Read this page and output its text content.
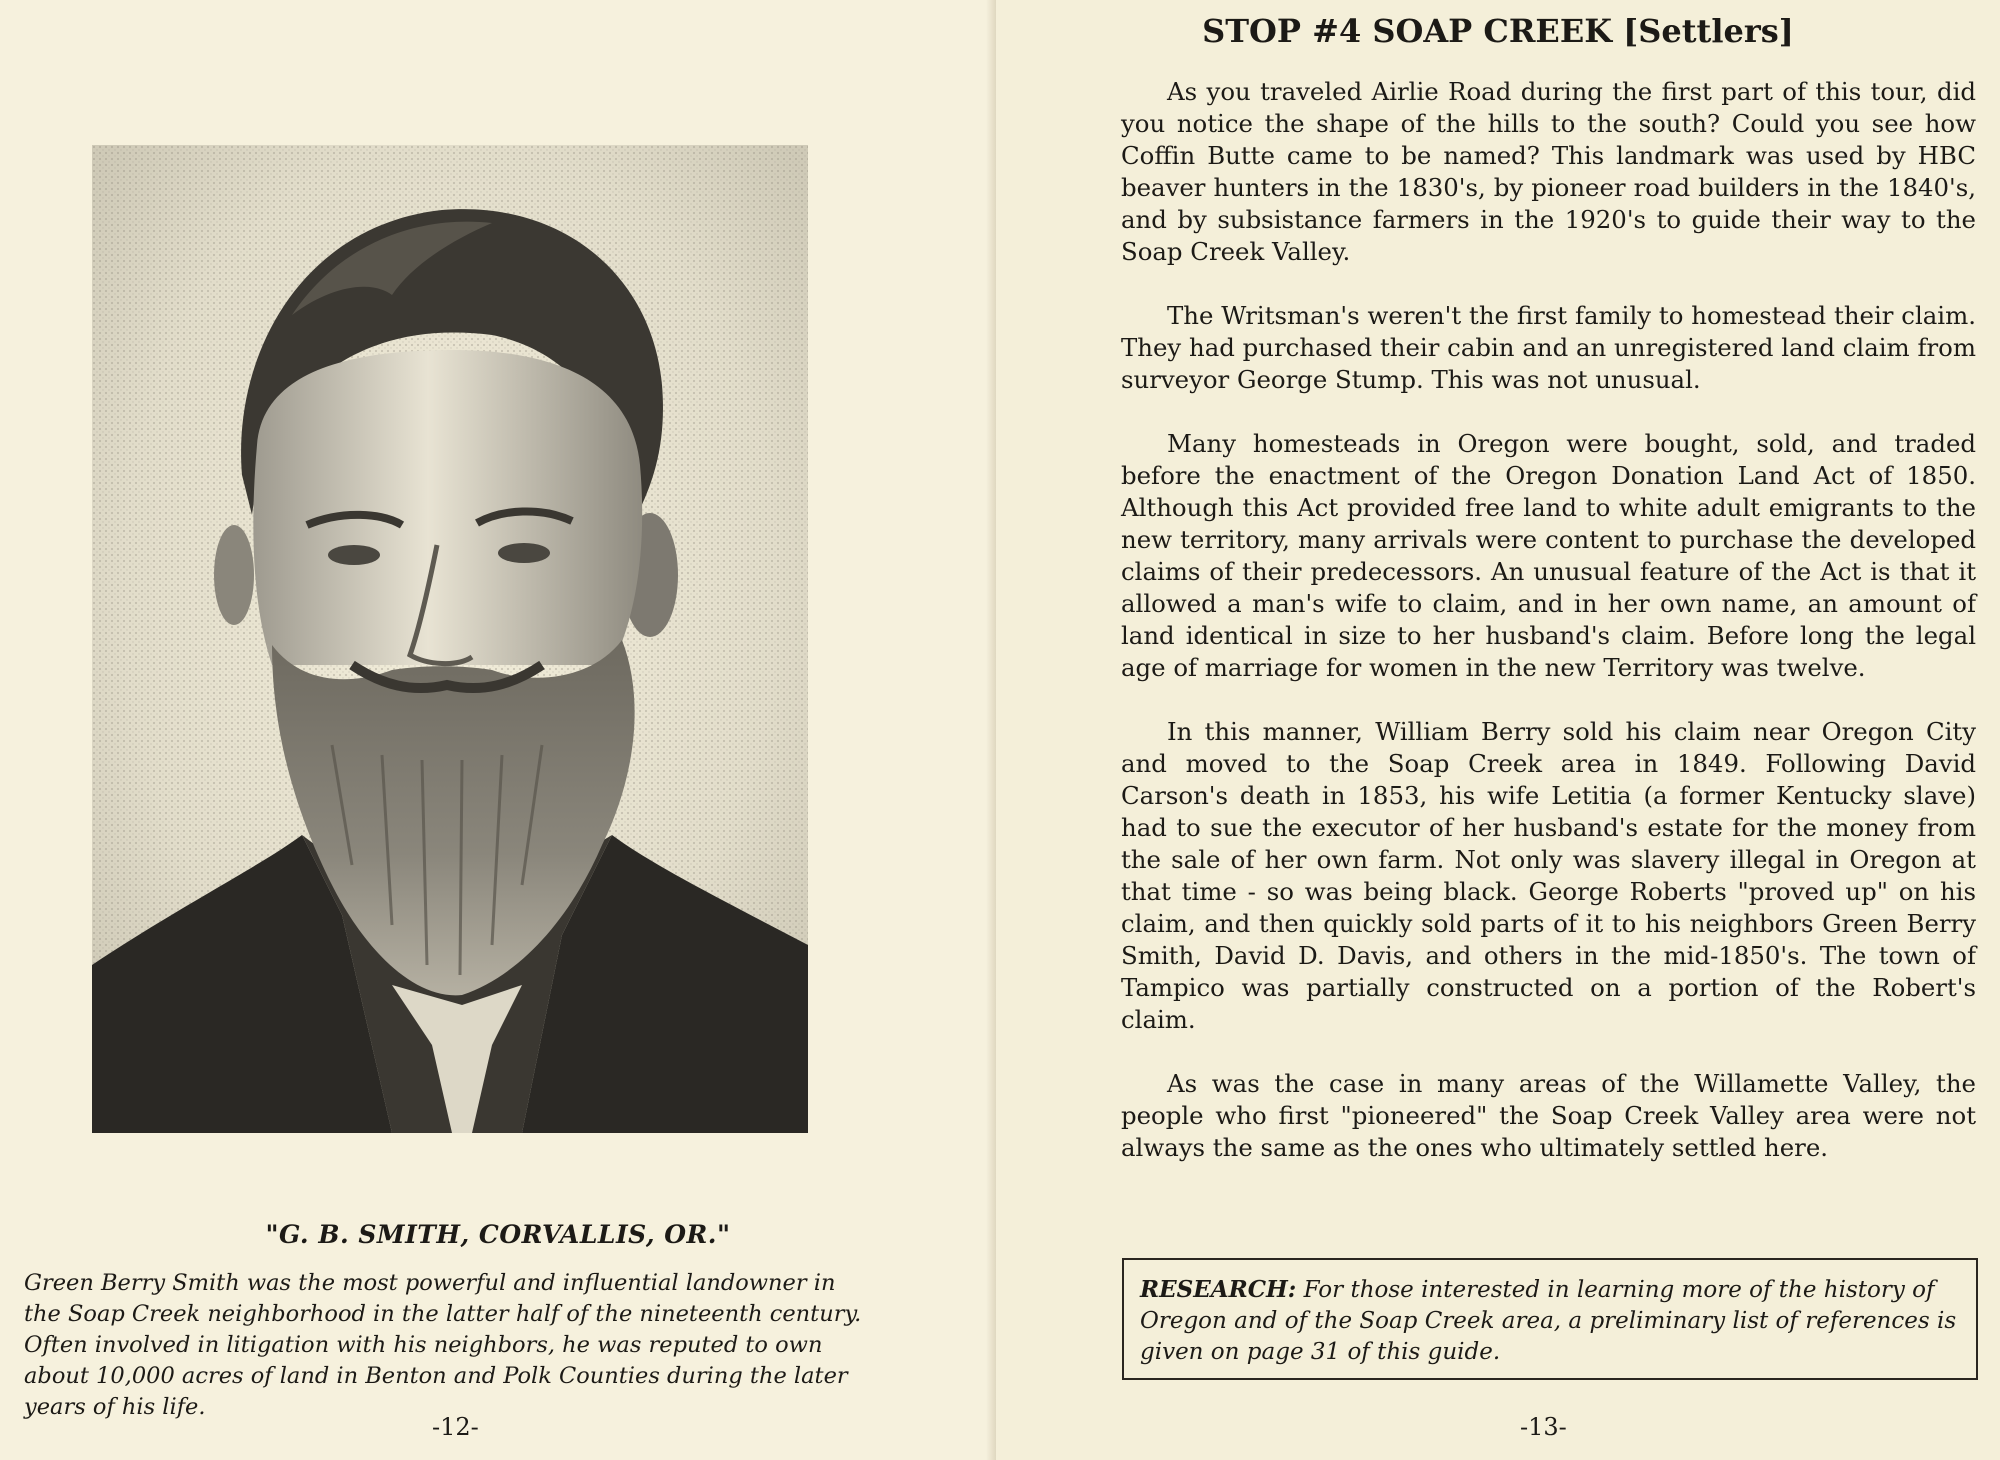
"G. B. SMITH, CORVALLIS, OR."

Green Berry Smith was the most powerful and influential landowner in the Soap Creek neighborhood in the latter half of the nineteenth century. Often involved in litigation with his neighbors, he was reputed to own about 10,000 acres of land in Benton and Polk Counties during the later years of his life.

-12-
STOP #4 SOAP CREEK [Settlers]

As you traveled Airlie Road during the first part of this tour, did you notice the shape of the hills to the south? Could you see how Coffin Butte came to be named? This landmark was used by HBC beaver hunters in the 1830's, by pioneer road builders in the 1840's, and by subsistance farmers in the 1920's to guide their way to the Soap Creek Valley.

The Writsman's weren't the first family to homestead their claim. They had purchased their cabin and an unregistered land claim from surveyor George Stump. This was not unusual.

Many homesteads in Oregon were bought, sold, and traded before the enactment of the Oregon Donation Land Act of 1850. Although this Act provided free land to white adult emigrants to the new territory, many arrivals were content to purchase the developed claims of their predecessors. An unusual feature of the Act is that it allowed a man's wife to claim, and in her own name, an amount of land identical in size to her husband's claim. Before long the legal age of marriage for women in the new Territory was twelve.

In this manner, William Berry sold his claim near Oregon City and moved to the Soap Creek area in 1849. Following David Carson's death in 1853, his wife Letitia (a former Kentucky slave) had to sue the executor of her husband's estate for the money from the sale of her own farm. Not only was slavery illegal in Oregon at that time - so was being black. George Roberts "proved up" on his claim, and then quickly sold parts of it to his neighbors Green Berry Smith, David D. Davis, and others in the mid-1850's. The town of Tampico was partially constructed on a portion of the Robert's claim.

As was the case in many areas of the Willamette Valley, the people who first "pioneered" the Soap Creek Valley area were not always the same as the ones who ultimately settled here.

RESEARCH: For those interested in learning more of the history of Oregon and of the Soap Creek area, a preliminary list of references is given on page 31 of this guide.
-13-
